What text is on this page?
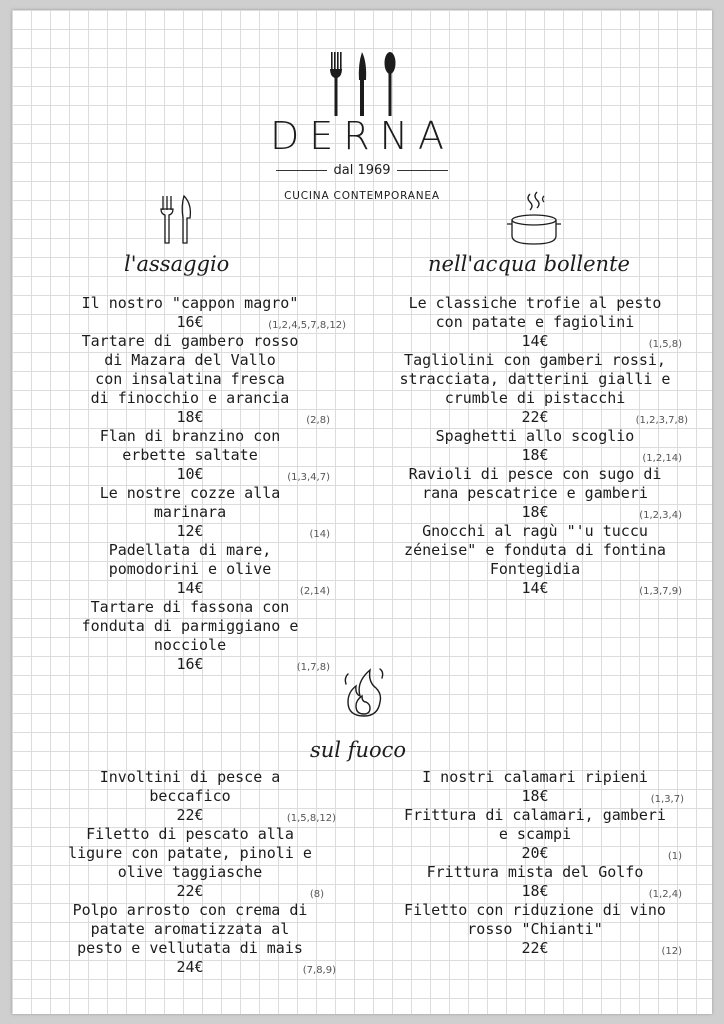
DERNA
dal 1969
CUCINA CONTEMPORANEA
l'assaggio	nell'acqua bollente
Il nostro "cappon magro"
16€	(1,2,4,5,7,8,12)
Tartare di gambero rosso
di Mazara del Vallo
con insalatina fresca
di finocchio e arancia
18€	(2,8)
Flan di branzino con
erbette saltate
10€	(1,3,4,7)
Le nostre cozze alla
marinara
12€	(14)
Padellata di mare,
pomodorini e olive
14€	(2,14)
Tartare di fassona con
fonduta di parmiggiano e
nocciole
16€	(1,7,8)
Le classiche trofie al pesto
con patate e fagiolini
14€	(1,5,8)
Tagliolini con gamberi rossi,
stracciata, datterini gialli e
crumble di pistacchi
22€	(1,2,3,7,8)
Spaghetti allo scoglio
18€	(1,2,14)
Ravioli di pesce con sugo di
rana pescatrice e gamberi
18€	(1,2,3,4)
Gnocchi al ragù "'u tuccu
zéneise" e fonduta di fontina
Fontegidia
14€	(1,3,7,9)
sul fuoco
Involtini di pesce a
beccafico
22€	(1,5,8,12)
Filetto di pescato alla
ligure con patate, pinoli e
olive taggiasche
22€	(8)
Polpo arrosto con crema di
patate aromatizzata al
pesto e vellutata di mais
24€	(7,8,9)
I nostri calamari ripieni
18€	(1,3,7)
Frittura di calamari, gamberi
e scampi
20€	(1)
Frittura mista del Golfo
18€	(1,2,4)
Filetto con riduzione di vino
rosso "Chianti"
22€	(12)
